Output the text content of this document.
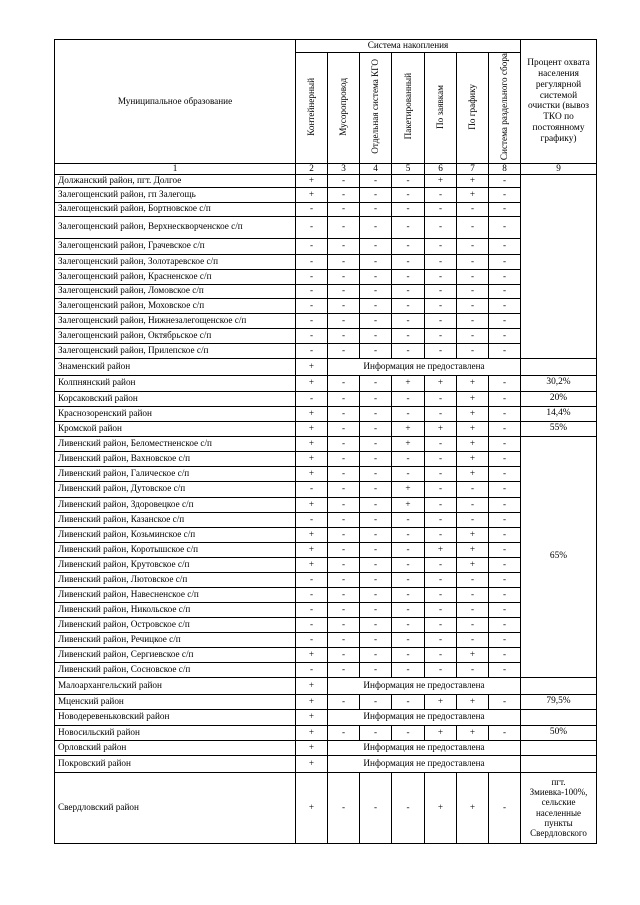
Муниципальное образование	Система накопления							Процент охвата населения регулярной системой очистки (вывоз ТКО по постоянному графику)
	Контейнерный	Мусоропровод	Отдельная система КГО	Пакетированный	По заявкам	По графику	Система раздельного сбора	
1	2	3	4	5	6	7	8	9
Должанский район, пгт. Долгое	+	-	-	-	+	+	-	
Залегощенский район, гп Залегощь	+	-	-	-	-	+	-	
Залегощенский район, Бортновское с/п	-	-	-	-	-	-	-	
Залегощенский район, Верхнескворченское с/п	-	-	-	-	-	-	-	
Залегощенский район, Грачевское с/п	-	-	-	-	-	-	-	
Залегощенский район, Золотаревское с/п	-	-	-	-	-	-	-	
Залегощенский район, Красненское с/п	-	-	-	-	-	-	-	
Залегощенский район, Ломовское с/п	-	-	-	-	-	-	-	
Залегощенский район, Моховское с/п	-	-	-	-	-	-	-	
Залегощенский район, Нижнезалегощенское с/п	-	-	-	-	-	-	-	
Залегощенский район, Октябрьское с/п	-	-	-	-	-	-	-	
Залегощенский район, Прилепское с/п	-	-	-	-	-	-	-	
Знаменский район	+	Информация не предоставлена						
Колпнянский район	+	-	-	+	+	+	-	30,2%
Корсаковский район	-	-	-	-	-	+	-	20%
Краснозоренский район	+	-	-	-	-	+	-	14,4%
Кромской район	+	-	-	+	+	+	-	55%
Ливенский район, Беломестненское с/п	+	-	-	+	-	+	-	65%
Ливенский район, Вахновское с/п	+	-	-	-	-	+	-	
Ливенский район, Галическое с/п	+	-	-	-	-	+	-	
Ливенский район, Дутовское с/п	-	-	-	+	-	-	-	
Ливенский район, Здоровецкое с/п	+	-	-	+	-	-	-	
Ливенский район, Казанское с/п	-	-	-	-	-	-	-	
Ливенский район, Козьминское с/п	+	-	-	-	-	+	-	
Ливенский район, Коротышское с/п	+	-	-	-	+	+	-	
Ливенский район, Крутовское с/п	+	-	-	-	-	+	-	
Ливенский район, Лютовское с/п	-	-	-	-	-	-	-	
Ливенский район, Навесненское с/п	-	-	-	-	-	-	-	
Ливенский район, Никольское с/п	-	-	-	-	-	-	-	
Ливенский район, Островское с/п	-	-	-	-	-	-	-	
Ливенский район, Речицкое с/п	-	-	-	-	-	-	-	
Ливенский район, Сергиевское с/п	+	-	-	-	-	+	-	
Ливенский район, Сосновское с/п	-	-	-	-	-	-	-	
Малоархангельский район	+	Информация не предоставлена						
Мценский район	+	-	-	-	+	+	-	79,5%
Новодеревеньковский район	+	Информация не предоставлена						
Новосильский район	+	-	-	-	+	+	-	50%
Орловский район	+	Информация не предоставлена						
Покровский район	+	Информация не предоставлена						
Свердловский район	+	-	-	-	+	+	-	пгт. Змиевка-100%, сельские населенные пункты Свердловского
